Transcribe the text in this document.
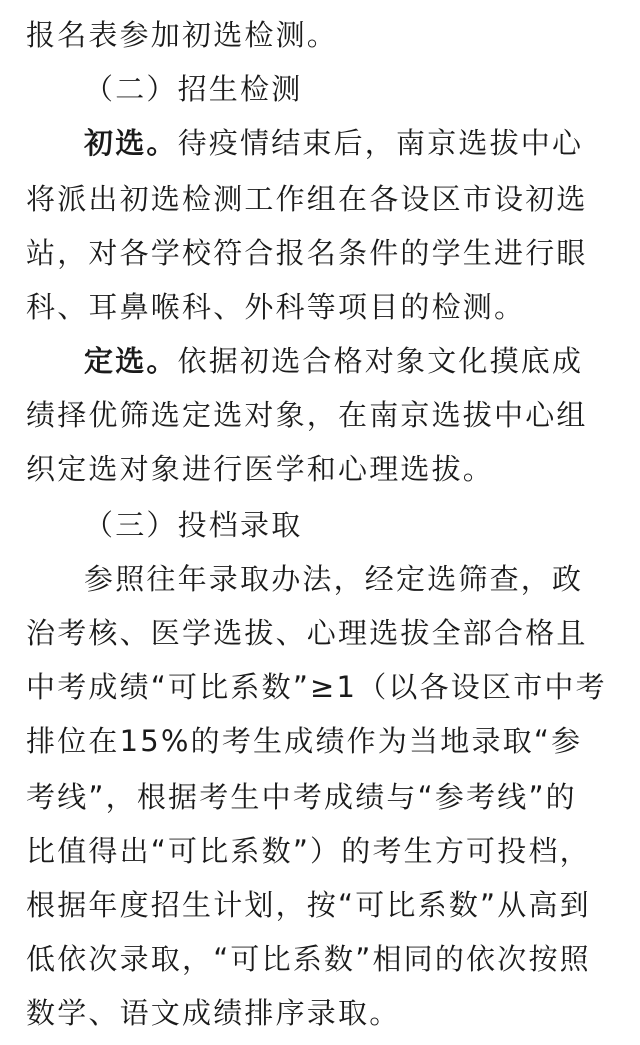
报名表参加初选检测。
（二）招生检测
初选。待疫情结束后，南京选拔中心
将派出初选检测工作组在各设区市设初选
站，对各学校符合报名条件的学生进行眼
科、耳鼻喉科、外科等项目的检测。
定选。依据初选合格对象文化摸底成
绩择优筛选定选对象，在南京选拔中心组
织定选对象进行医学和心理选拔。
（三）投档录取
参照往年录取办法，经定选筛查，政
治考核、医学选拔、心理选拔全部合格且
中考成绩“可比系数”≥1（以各设区市中考
排位在15%的考生成绩作为当地录取“参
考线”，根据考生中考成绩与“参考线”的
比值得出“可比系数”）的考生方可投档，
根据年度招生计划，按“可比系数”从高到
低依次录取，“可比系数”相同的依次按照
数学、语文成绩排序录取。
